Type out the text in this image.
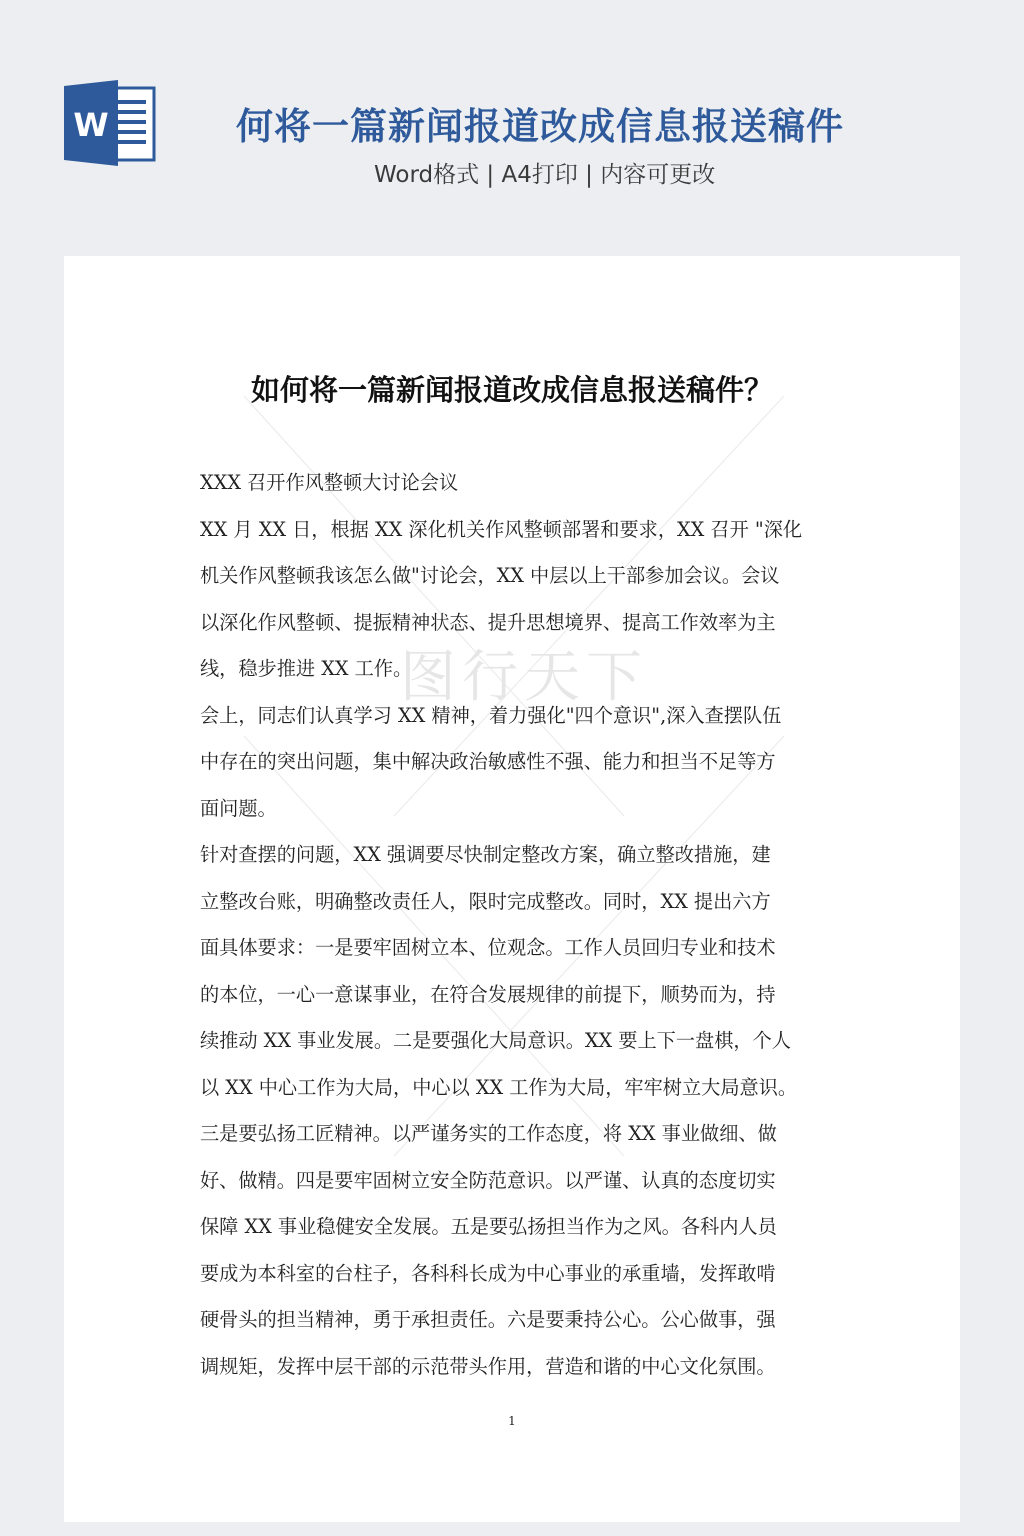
W	何将一篇新闻报道改成信息报送稿件
Word格式 | A4打印 | 内容可更改
图行天下
如何将一篇新闻报道改成信息报送稿件？
XXX 召开作风整顿大讨论会议
XX 月 XX 日，根据 XX 深化机关作风整顿部署和要求，XX 召开 "深化
机关作风整顿我该怎么做"讨论会，XX 中层以上干部参加会议。会议
以深化作风整顿、提振精神状态、提升思想境界、提高工作效率为主
线，稳步推进 XX 工作。
会上，同志们认真学习 XX 精神，着力强化"四个意识",深入查摆队伍
中存在的突出问题，集中解决政治敏感性不强、能力和担当不足等方
面问题。
针对查摆的问题，XX 强调要尽快制定整改方案，确立整改措施，建
立整改台账，明确整改责任人，限时完成整改。同时，XX 提出六方
面具体要求：一是要牢固树立本、位观念。工作人员回归专业和技术
的本位，一心一意谋事业，在符合发展规律的前提下，顺势而为，持
续推动 XX 事业发展。二是要强化大局意识。XX 要上下一盘棋，个人
以 XX 中心工作为大局，中心以 XX 工作为大局，牢牢树立大局意识。
三是要弘扬工匠精神。以严谨务实的工作态度，将 XX 事业做细、做
好、做精。四是要牢固树立安全防范意识。以严谨、认真的态度切实
保障 XX 事业稳健安全发展。五是要弘扬担当作为之风。各科内人员
要成为本科室的台柱子，各科科长成为中心事业的承重墙，发挥敢啃
硬骨头的担当精神，勇于承担责任。六是要秉持公心。公心做事，强
调规矩，发挥中层干部的示范带头作用，营造和谐的中心文化氛围。
1
